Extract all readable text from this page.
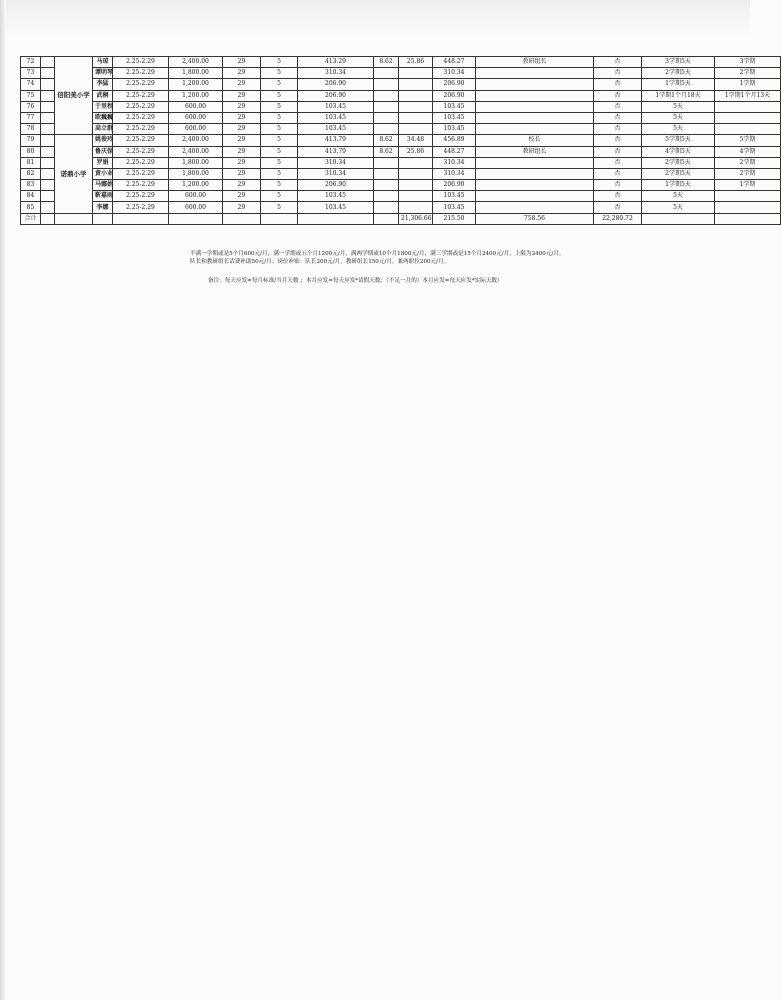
72		信阳美小学	马琼	2.25-2.29	2,400.00	29	5	413.29	8.62	25.86	448.27	教研组长	否	3学期5天	3学期
73			谭明琴	2.25-2.29	1,800.00	29	5	310.34			310.34		否	2学期5天	2学期
74			李猛	2.25-2.29	1,200.00	29	5	206.90			206.90		否	1学期5天	1学期
75			武桐	2.25-2.29	1,200.00	29	5	206.90			206.90		否	1学期1个月18天	1学期1个月13天
76			于里程	2.25-2.29	600.00	29	5	103.45			103.45		否	5天	
77			欧巍巍	2.25-2.29	600.00	29	5	103.45			103.45		否	5天	
78			高立群	2.25-2.29	600.00	29	5	103.45			103.45		否	5天	
79		诺鼎小学	姚俊玲	2.25-2.29	2,400.00	29	5	413.79	8.62	34.48	456.89	校长	否	5学期5天	5学期
80			鲁庆保	2.25-2.29	2,400.00	29	5	413.79	8.62	25.86	448.27	教研组长	否	4学期5天	4学期
81			罗娟	2.25-2.29	1,800.00	29	5	310.34			310.34		否	2学期5天	2学期
82			黄小业	2.25-2.29	1,800.00	29	5	310.34			310.34		否	2学期5天	2学期
83			马娜娟	2.25-2.29	1,200.00	29	5	206.90			206.90		否	1学期5天	1学期
84			靳嘉雨	2.25-2.29	600.00	29	5	103.45			103.45		否	5天	
85			李娜	2.25-2.29	600.00	29	5	103.45			103.45		否	5天	
合计										21,306.66	215.50	758.56	22,280.72		
不满一学期或是5个月600元/月，满一学期或五个月1200元/月，满两学期或10个月1800元/月，满三学期或是15个月2400元/月，上限为2400元/月。
队长和教研组长话费补助50元/月；岗位补贴：队长200元/月，教研组长150元/月，兼两职位200元/月。
备注：每天应发=每月标准/当月天数 ；本月应发=每天应发*请假天数；（不足一月的）本月应发=每天应发*实际天数）
